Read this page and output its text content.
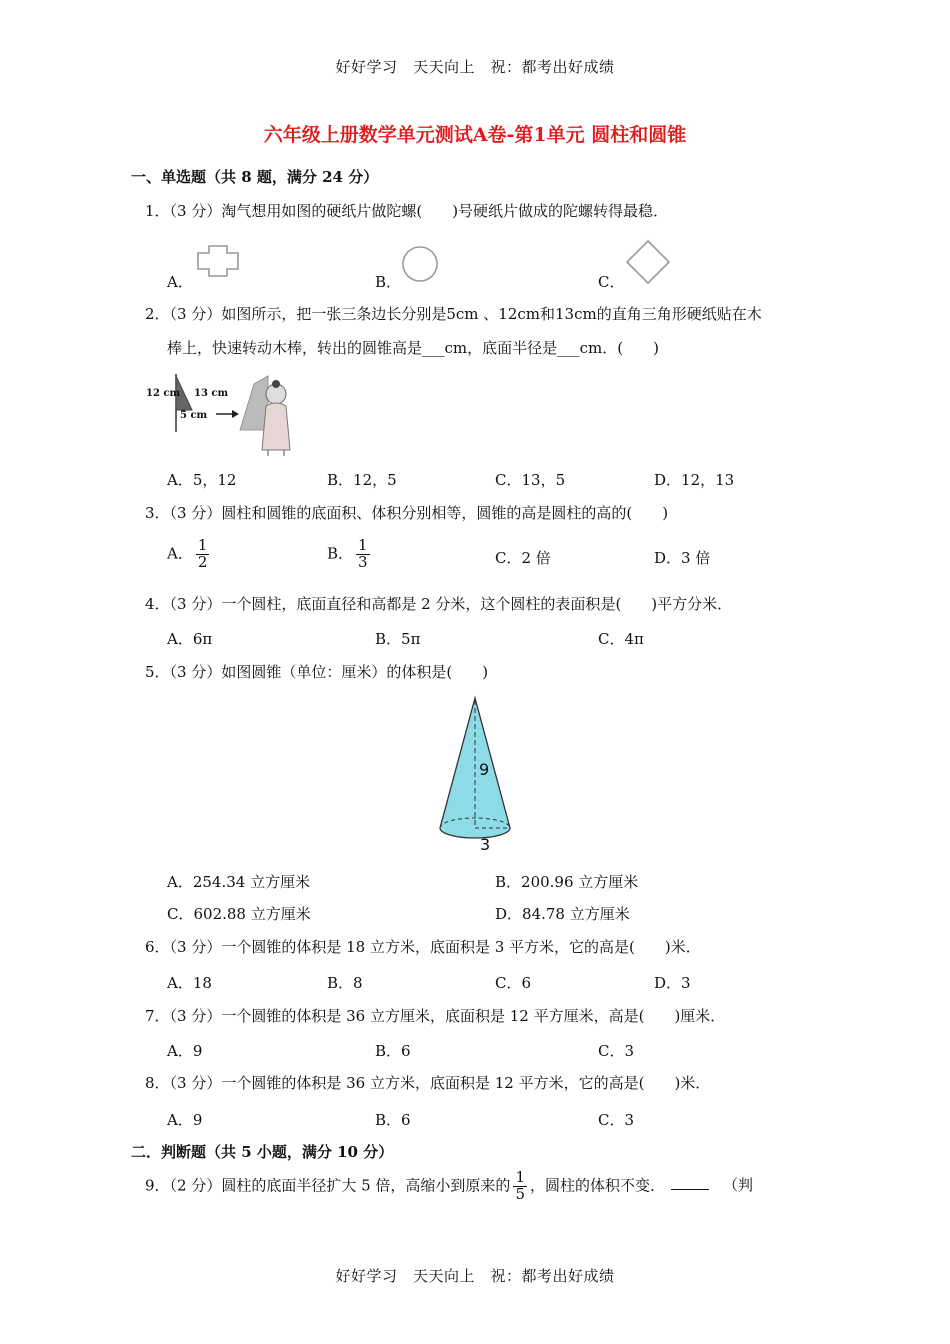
好好学习　天天向上　祝：都考出好成绩
六年级上册数学单元测试A卷-第1单元 圆柱和圆锥
一、单选题（共 8 题，满分 24 分）
1．（3 分）淘气想用如图的硬纸片做陀螺(　　)号硬纸片做成的陀螺转得最稳．
A．	B．	C．
2．（3 分）如图所示，把一张三条边长分别是5cm 、12cm和13cm的直角三角形硬纸贴在木
棒上，快速转动木棒，转出的圆锥高是___cm，底面半径是___cm．(　　)
12 cm 13 cm
5 cm
A．5，12	B．12，5	C．13，5	D．12，13
3．（3 分）圆柱和圆锥的底面积、体积分别相等，圆锥的高是圆柱的高的(　　)
A． $\frac{1}{2}$	B． $\frac{1}{3}$	C．2 倍	D．3 倍
4．（3 分）一个圆柱，底面直径和高都是 2 分米，这个圆柱的表面积是(　　)平方分米．
A．6π	B．5π	C．4π
5．（3 分）如图圆锥（单位：厘米）的体积是(　　)
9
3
A．254.34 立方厘米	B．200.96 立方厘米
C．602.88 立方厘米	D．84.78 立方厘米
6．（3 分）一个圆锥的体积是 18 立方米，底面积是 3 平方米，它的高是(　　)米．
A．18	B．8	C．6	D．3
7．（3 分）一个圆锥的体积是 36 立方厘米，底面积是 12 平方厘米，高是(　　)厘米．
A．9	B．6	C．3
8．（3 分）一个圆锥的体积是 36 立方米，底面积是 12 平方米，它的高是(　　)米．
A．9	B．6	C．3
二．判断题（共 5 小题，满分 10 分）
9．（2 分）圆柱的底面半径扩大 5 倍，高缩小到原来的 $\frac{1}{5}$ ，圆柱的体积不变．	（判
好好学习　天天向上　祝：都考出好成绩
